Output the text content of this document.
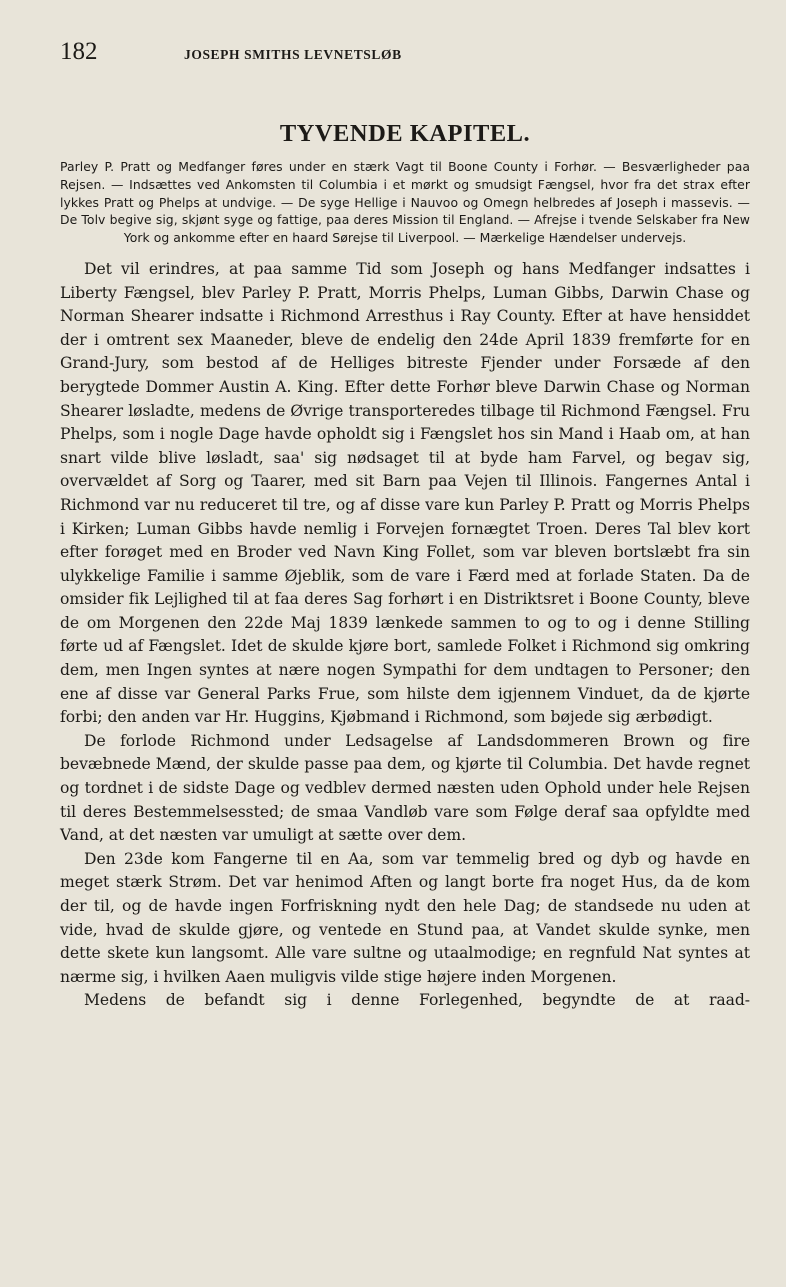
182	JOSEPH SMITHS LEVNETSLØB
TYVENDE KAPITEL.

Parley P. Pratt og Medfanger føres under en stærk Vagt til Boone County i Forhør. — Besværligheder paa Rejsen. — Indsættes ved Ankomsten til Columbia i et mørkt og smudsigt Fængsel, hvor fra det strax efter lykkes Pratt og Phelps at undvige. — De syge Hellige i Nauvoo og Omegn helbredes af Joseph i massevis. — De Tolv begive sig, skjønt syge og fattige, paa deres Mission til England. — Afrejse i tvende Selskaber fra New York og ankomme efter en haard Sørejse til Liverpool. — Mærkelige Hændelser undervejs.

Det vil erindres, at paa samme Tid som Joseph og hans Medfanger indsattes i Liberty Fængsel, blev Parley P. Pratt, Morris Phelps, Luman Gibbs, Darwin Chase og Norman Shearer indsatte i Richmond Arresthus i Ray County. Efter at have hensiddet der i omtrent sex Maaneder, bleve de endelig den 24de April 1839 fremførte for en Grand-Jury, som bestod af de Helliges bitreste Fjender under Forsæde af den berygtede Dommer Austin A. King. Efter dette Forhør bleve Darwin Chase og Norman Shearer løsladte, medens de Øvrige transporteredes tilbage til Richmond Fængsel. Fru Phelps, som i nogle Dage havde opholdt sig i Fængslet hos sin Mand i Haab om, at han snart vilde blive løsladt, saa' sig nødsaget til at byde ham Farvel, og begav sig, overvældet af Sorg og Taarer, med sit Barn paa Vejen til Illinois. Fangernes Antal i Richmond var nu reduceret til tre, og af disse vare kun Parley P. Pratt og Morris Phelps i Kirken; Luman Gibbs havde nemlig i Forvejen fornægtet Troen. Deres Tal blev kort efter forøget med en Broder ved Navn King Follet, som var bleven bortslæbt fra sin ulykkelige Familie i samme Øjeblik, som de vare i Færd med at forlade Staten. Da de omsider fik Lejlighed til at faa deres Sag forhørt i en Distriktsret i Boone County, bleve de om Morgenen den 22de Maj 1839 lænkede sammen to og to og i denne Stilling førte ud af Fængslet. Idet de skulde kjøre bort, samlede Folket i Richmond sig omkring dem, men Ingen syntes at nære nogen Sympathi for dem undtagen to Personer; den ene af disse var General Parks Frue, som hilste dem igjennem Vinduet, da de kjørte forbi; den anden var Hr. Huggins, Kjøbmand i Richmond, som bøjede sig ærbødigt.

De forlode Richmond under Ledsagelse af Landsdommeren Brown og fire bevæbnede Mænd, der skulde passe paa dem, og kjørte til Columbia. Det havde regnet og tordnet i de sidste Dage og vedblev dermed næsten uden Ophold under hele Rejsen til deres Bestemmelsessted; de smaa Vandløb vare som Følge deraf saa opfyldte med Vand, at det næsten var umuligt at sætte over dem.

Den 23de kom Fangerne til en Aa, som var temmelig bred og dyb og havde en meget stærk Strøm. Det var henimod Aften og langt borte fra noget Hus, da de kom der til, og de havde ingen Forfriskning nydt den hele Dag; de standsede nu uden at vide, hvad de skulde gjøre, og ventede en Stund paa, at Vandet skulde synke, men dette skete kun langsomt. Alle vare sultne og utaalmodige; en regnfuld Nat syntes at nærme sig, i hvilken Aaen muligvis vilde stige højere inden Morgenen.

Medens de befandt sig i denne Forlegenhed, begyndte de at raad-
